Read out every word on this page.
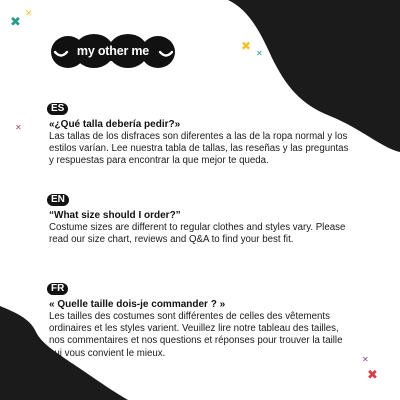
✖
✕
✖
✕
✕
✕
✖
my other me
ES
«¿Qué talla debería pedir?»

Las tallas de los disfraces son diferentes a las de la ropa normal y los estilos varían. Lee nuestra tabla de tallas, las reseñas y las preguntas y respuestas para encontrar la que mejor te queda.

EN
“What size should I order?”

Costume sizes are different to regular clothes and styles vary. Please read our size chart, reviews and Q&A to find your best fit.

FR
« Quelle taille dois-je commander ? »

Les tailles des costumes sont différentes de celles des vêtements ordinaires et les styles varient. Veuillez lire notre tableau des tailles, nos commentaires et nos questions et réponses pour trouver la taille qui vous convient le mieux.
